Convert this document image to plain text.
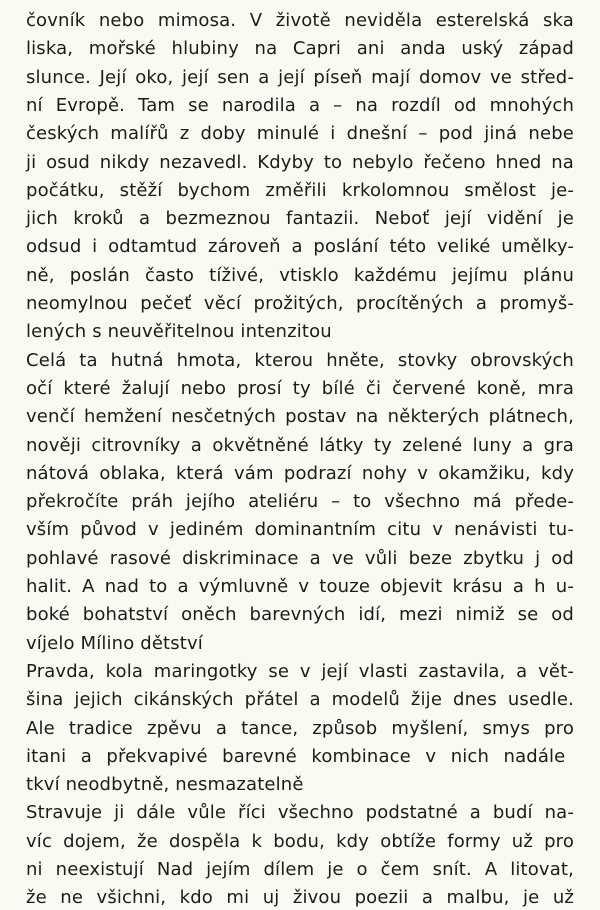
čovník nebo mimosa. V životě neviděla esterelská ska
liska, mořské hlubiny na Capri ani anda uský západ
slunce. Její oko, její sen a její píseň mají domov ve střed-
ní Evropě. Tam se narodila a – na rozdíl od mnohých
českých malířů z doby minulé i dnešní – pod jiná nebe
ji osud nikdy nezavedl. Kdyby to nebylo řečeno hned na
počátku, stěží bychom změřili krkolomnou smělost je-
jich kroků a bezmeznou fantazii. Neboť její vidění je
odsud i odtamtud zároveň a poslání této veliké umělky-
ně, poslán často tíživé, vtisklo každému jejímu plánu
neomylnou pečeť věcí prožitých, procítěných a promyš-
lených s neuvěřitelnou intenzitou
Celá ta hutná hmota, kterou hněte, stovky obrovských
očí které žalují nebo prosí ty bílé či červené koně, mra
venčí hemžení nesčetných postav na některých plátnech,
nověji citrovníky a okvětněné látky ty zelené luny a gra
nátová oblaka, která vám podrazí nohy v okamžiku, kdy
překročíte práh jejího ateliéru – to všechno má přede-
vším původ v jediném dominantním citu v nenávisti tu-
pohlavé rasové diskriminace a ve vůli beze zbytku j od
halit. A nad to a výmluvně v touze objevit krásu a h u-
boké bohatství oněch barevných idí, mezi nimiž se od
víjelo Mílino dětství
Pravda, kola maringotky se v její vlasti zastavila, a vět-
šina jejich cikánských přátel a modelů žije dnes usedle.
Ale tradice zpěvu a tance, způsob myšlení, smys pro
itani a překvapivé barevné kombinace v nich nadále
tkví neodbytně, nesmazatelně
Stravuje ji dále vůle říci všechno podstatné a budí na-
víc dojem, že dospěla k bodu, kdy obtíže formy už pro
ni neexistují Nad jejím dílem je o čem snít. A litovat,
že ne všichni, kdo mi uj živou poezii a malbu, je už
